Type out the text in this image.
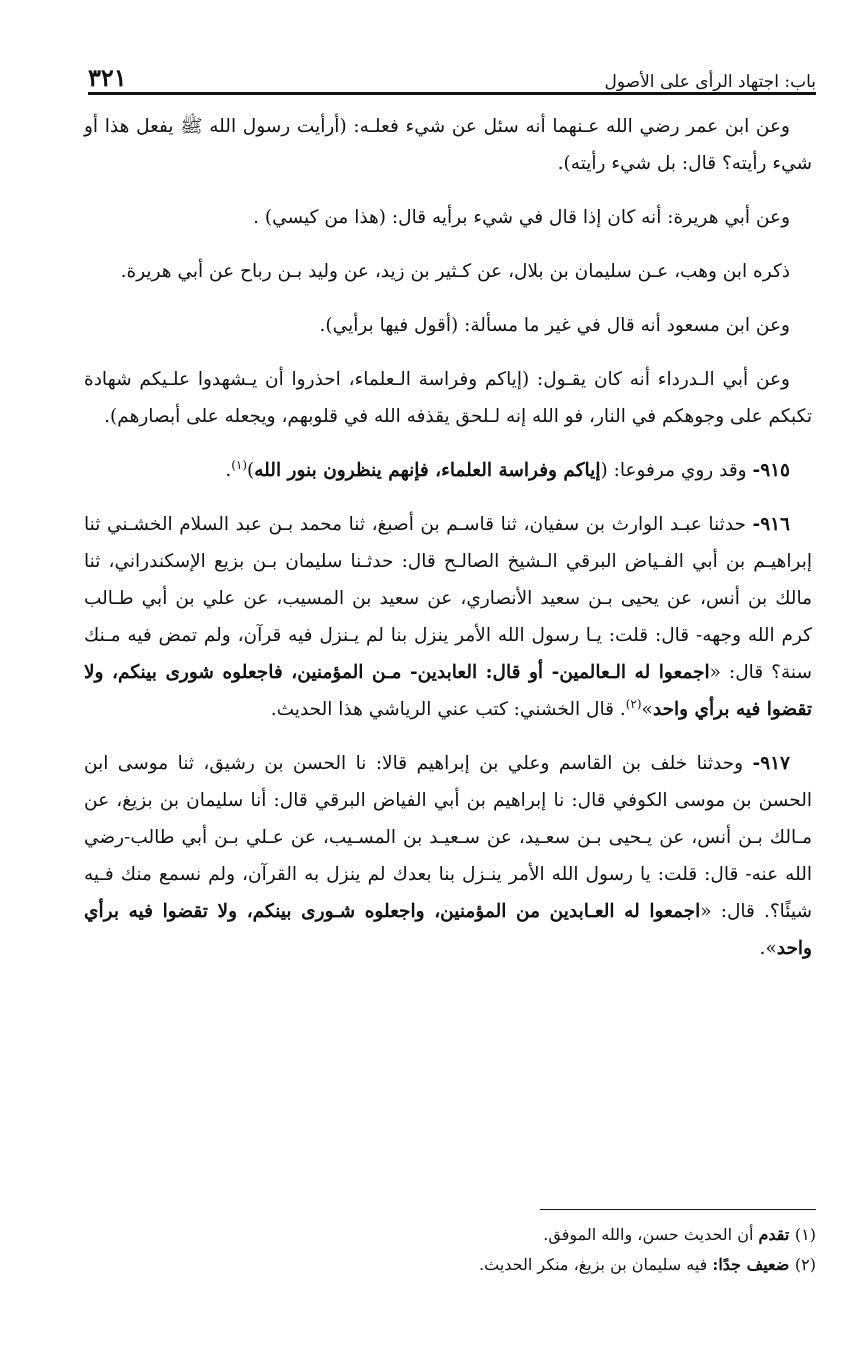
باب: اجتهاد الرأى على الأصول
٣٢١

وعن ابن عمر رضي الله عـنهما أنه سئل عن شيء فعلـه: (أرأيت رسول الله ﷺ يفعل هذا أو شيء رأيته؟ قال: بل شيء رأيته).

وعن أبي هريرة: أنه كان إذا قال في شيء برأيه قال: (هذا من كيسي) .

ذكره ابن وهب، عـن سليمان بن بلال، عن كـثير بن زيد، عن وليد بـن رباح عن أبي هريرة.

وعن ابن مسعود أنه قال في غير ما مسألة: (أقول فيها برأيي).

وعن أبي الـدرداء أنه كان يقـول: (إياكم وفراسة الـعلماء، احذروا أن يـشهدوا علـيكم شهادة تكبكم على وجوهكم في النار، فو الله إنه لـلحق يقذفه الله في قلوبهم، ويجعله على أبصارهم).

٩١٥- وقد روي مرفوعا: (إياكم وفراسة العلماء، فإنهم ينظرون بنور الله)$^{(١)}$.

٩١٦- حدثنا عبـد الوارث بن سفيان، ثنا قاسـم بن أصبغ، ثنا محمد بـن عبد السلام الخشـني ثنا إبراهيـم بن أبي الفـياض البرقي الـشيخ الصالـح قال: حدثـنا سليمان بـن بزيع الإسكندراني، ثنا مالك بن أنس، عن يحيى بـن سعيد الأنصاري، عن سعيد بن المسيب، عن علي بن أبي طـالب كرم الله وجهه- قال: قلت: يـا رسول الله الأمر ينزل بنا لم يـنزل فيه قرآن، ولم تمض فيه مـنك سنة؟ قال: «اجمعوا له الـعالمين- أو قال: العابدين- مـن المؤمنين، فاجعلوه شورى بينكم، ولا تقضوا فيه برأي واحد»$^{(٢)}$. قال الخشني: كتب عني الرياشي هذا الحديث.

٩١٧- وحدثنا خلف بن القاسم وعلي بن إبراهيم قالا: نا الحسن بن رشيق، ثنا موسى ابن الحسن بن موسى الكوفي قال: نا إبراهيم بن أبي الفياض البرقي قال: أنا سليمان بن بزيغ، عن مـالك بـن أنس، عن يـحيى بـن سعـيد، عن سـعيـد بن المسـيب، عن عـلي بـن أبي طالب-رضي الله عنه- قال: قلت: يا رسول الله الأمر ينـزل بنا بعدك لم ينزل به القرآن، ولم نسمع منك فـيه شيئًا؟. قال: «اجمعوا له العـابدين من المؤمنين، واجعلوه شـورى بينكم، ولا تقضوا فيه برأي واحد».

(١) تقدم أن الحديث حسن، والله الموفق.

(٢) ضعيف جدًا: فيه سليمان بن بزيغ، منكر الحديث.
